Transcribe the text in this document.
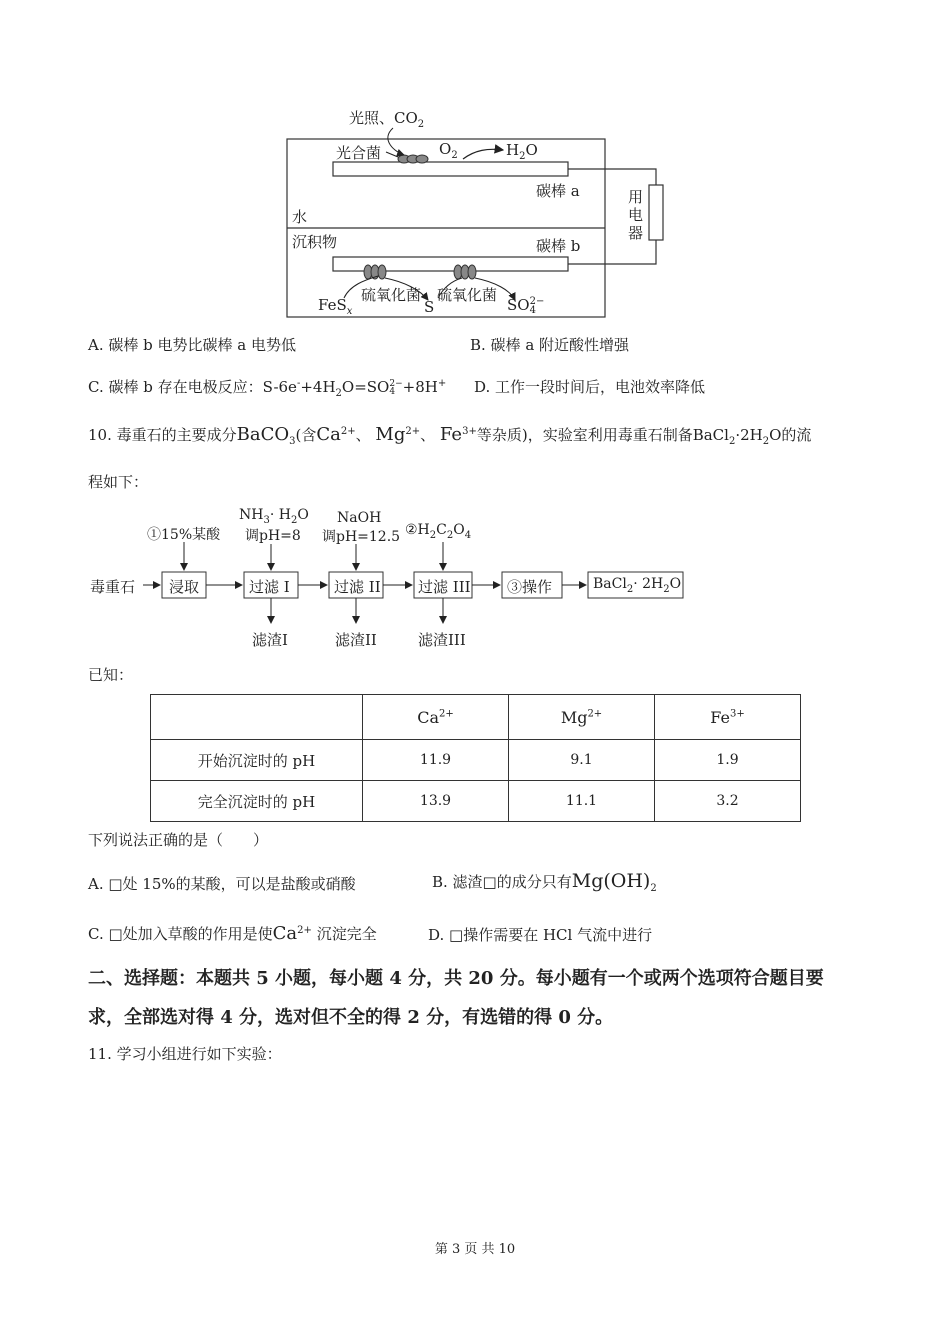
光照、$CO_2$
光合菌	$O_2$	$H_2O$
碳棒 a
水
沉积物	碳棒 b
用
电
器
硫氧化菌 硫氧化菌
FeS$_x$	S	SO 2−
4
A. 碳棒 b 电势比碳棒 a 电势低	B. 碳棒 a 附近酸性增强
C. 碳棒 b 存在电极反应：$S-6e^-+4H_2O=SO$ 2−
4 +8H+ D. 工作一段时间后，电池效率降低
10. 毒重石的主要成分BaCO$_3$(含$Ca^{2+}$、 $Mg^{2+}$、 $Fe^{3+}$等杂质)，实验室利用毒重石制备$BaCl_2\cdot 2H_2O$的流
程如下：
毒重石 浸取	过滤 I	过滤 II 过滤 III ③操作	BaCl$_2$· $2H_2O$
①15%某酸
$NH_3\cdot H_2O$
调pH=8
NaOH
调pH=12.5 $②H_2C_2O_4$
滤渣I	滤渣II	滤渣III
已知：
	$Ca^{2+}$	$Mg^{2+}$	$Fe^{3+}$
开始沉淀时的 pH	11.9	9.1	1.9
完全沉淀时的 pH	13.9	11.1	3.2
下列说法正确的是（　　）
A. □处 15%的某酸，可以是盐酸或硝酸	B. 滤渣□的成分只有$Mg(OH)_2$
C. □处加入草酸的作用是使$Ca^{2+}$ 沉淀完全	D. □操作需要在 HCl 气流中进行
二、选择题：本题共 5 小题，每小题 4 分，共 20 分。每小题有一个或两个选项符合题目要
求，全部选对得 4 分，选对但不全的得 2 分，有选错的得 0 分。
11. 学习小组进行如下实验：
第 3 页 共 10
